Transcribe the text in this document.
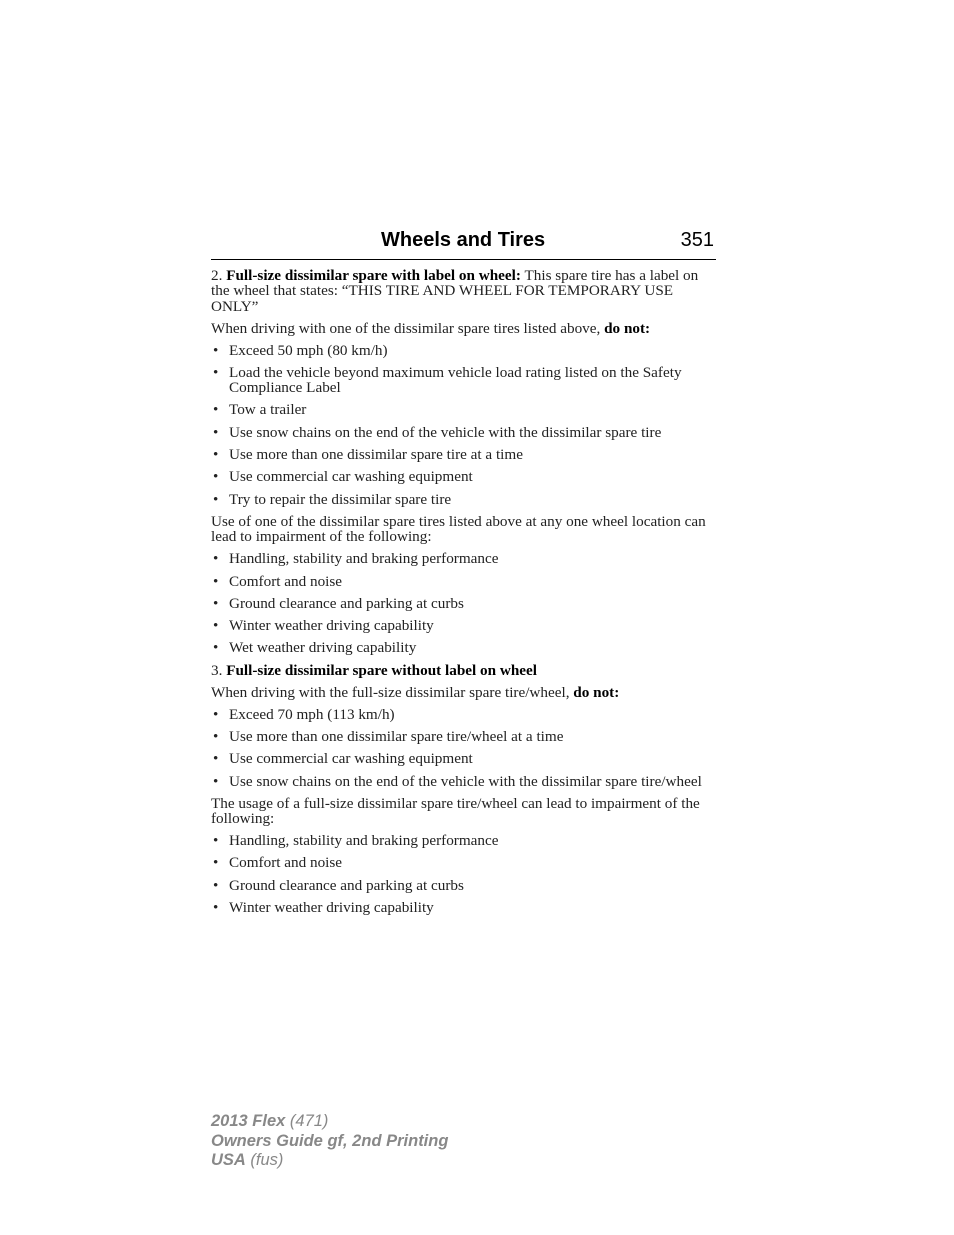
Wheels and Tires	351

2. Full-size dissimilar spare with label on wheel: This spare tire has a label on the wheel that states: “THIS TIRE AND WHEEL FOR TEMPORARY USE ONLY”

When driving with one of the dissimilar spare tires listed above, do not:

• Exceed 50 mph (80 km/h)
• Load the vehicle beyond maximum vehicle load rating listed on the Safety Compliance Label
• Tow a trailer
• Use snow chains on the end of the vehicle with the dissimilar spare tire
• Use more than one dissimilar spare tire at a time
• Use commercial car washing equipment
• Try to repair the dissimilar spare tire

Use of one of the dissimilar spare tires listed above at any one wheel location can lead to impairment of the following:

• Handling, stability and braking performance
• Comfort and noise
• Ground clearance and parking at curbs
• Winter weather driving capability
• Wet weather driving capability

3. Full-size dissimilar spare without label on wheel

When driving with the full-size dissimilar spare tire/wheel, do not:

• Exceed 70 mph (113 km/h)
• Use more than one dissimilar spare tire/wheel at a time
• Use commercial car washing equipment
• Use snow chains on the end of the vehicle with the dissimilar spare tire/wheel

The usage of a full-size dissimilar spare tire/wheel can lead to impairment of the following:

• Handling, stability and braking performance
• Comfort and noise
• Ground clearance and parking at curbs
• Winter weather driving capability
2013 Flex (471)
Owners Guide gf, 2nd Printing
USA (fus)
